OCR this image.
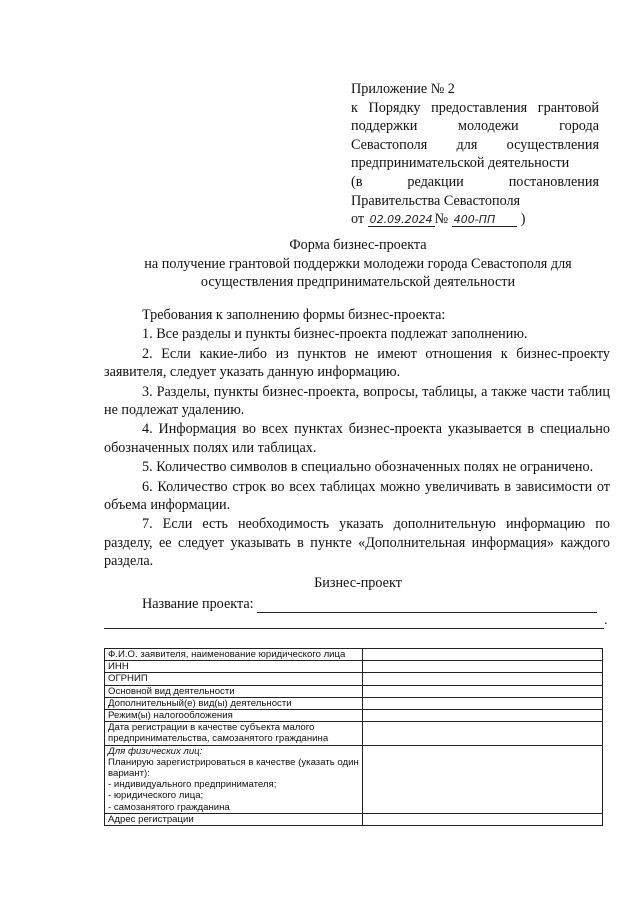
Приложение № 2
к Порядку предоставления грантовой
поддержки молодежи города
Севастополя для осуществления
предпринимательской деятельности
(в редакции постановления
Правительства Севастополя
от 02.09.2024 № 400-ПП )
Форма бизнес-проекта
на получение грантовой поддержки молодежи города Севастополя для
осуществления предпринимательской деятельности
Требования к заполнению формы бизнес-проекта:
1. Все разделы и пункты бизнес-проекта подлежат заполнению.
2. Если какие-либо из пунктов не имеют отношения к бизнес-проекту заявителя, следует указать данную информацию.
3. Разделы, пункты бизнес-проекта, вопросы, таблицы, а также части таблиц не подлежат удалению.
4. Информация во всех пунктах бизнес-проекта указывается в специально обозначенных полях или таблицах.
5. Количество символов в специально обозначенных полях не ограничено.
6. Количество строк во всех таблицах можно увеличивать в зависимости от объема информации.
7. Если есть необходимость указать дополнительную информацию по разделу, ее следует указывать в пункте «Дополнительная информация» каждого раздела.
Бизнес-проект
Название проекта:
.
Ф.И.О. заявителя, наименование юридического лица	
ИНН	
ОГРНИП	
Основной вид деятельности	
Дополнительный(е) вид(ы) деятельности	
Режим(ы) налогообложения	
Дата регистрации в качестве субъекта малого предпринимательства, самозанятого гражданина	

Для физических лиц:
Планирую зарегистрироваться в качестве (указать один вариант):
- индивидуального предпринимателя;
- юридического лица;
- самозанятого гражданина	

Адрес регистрации	
